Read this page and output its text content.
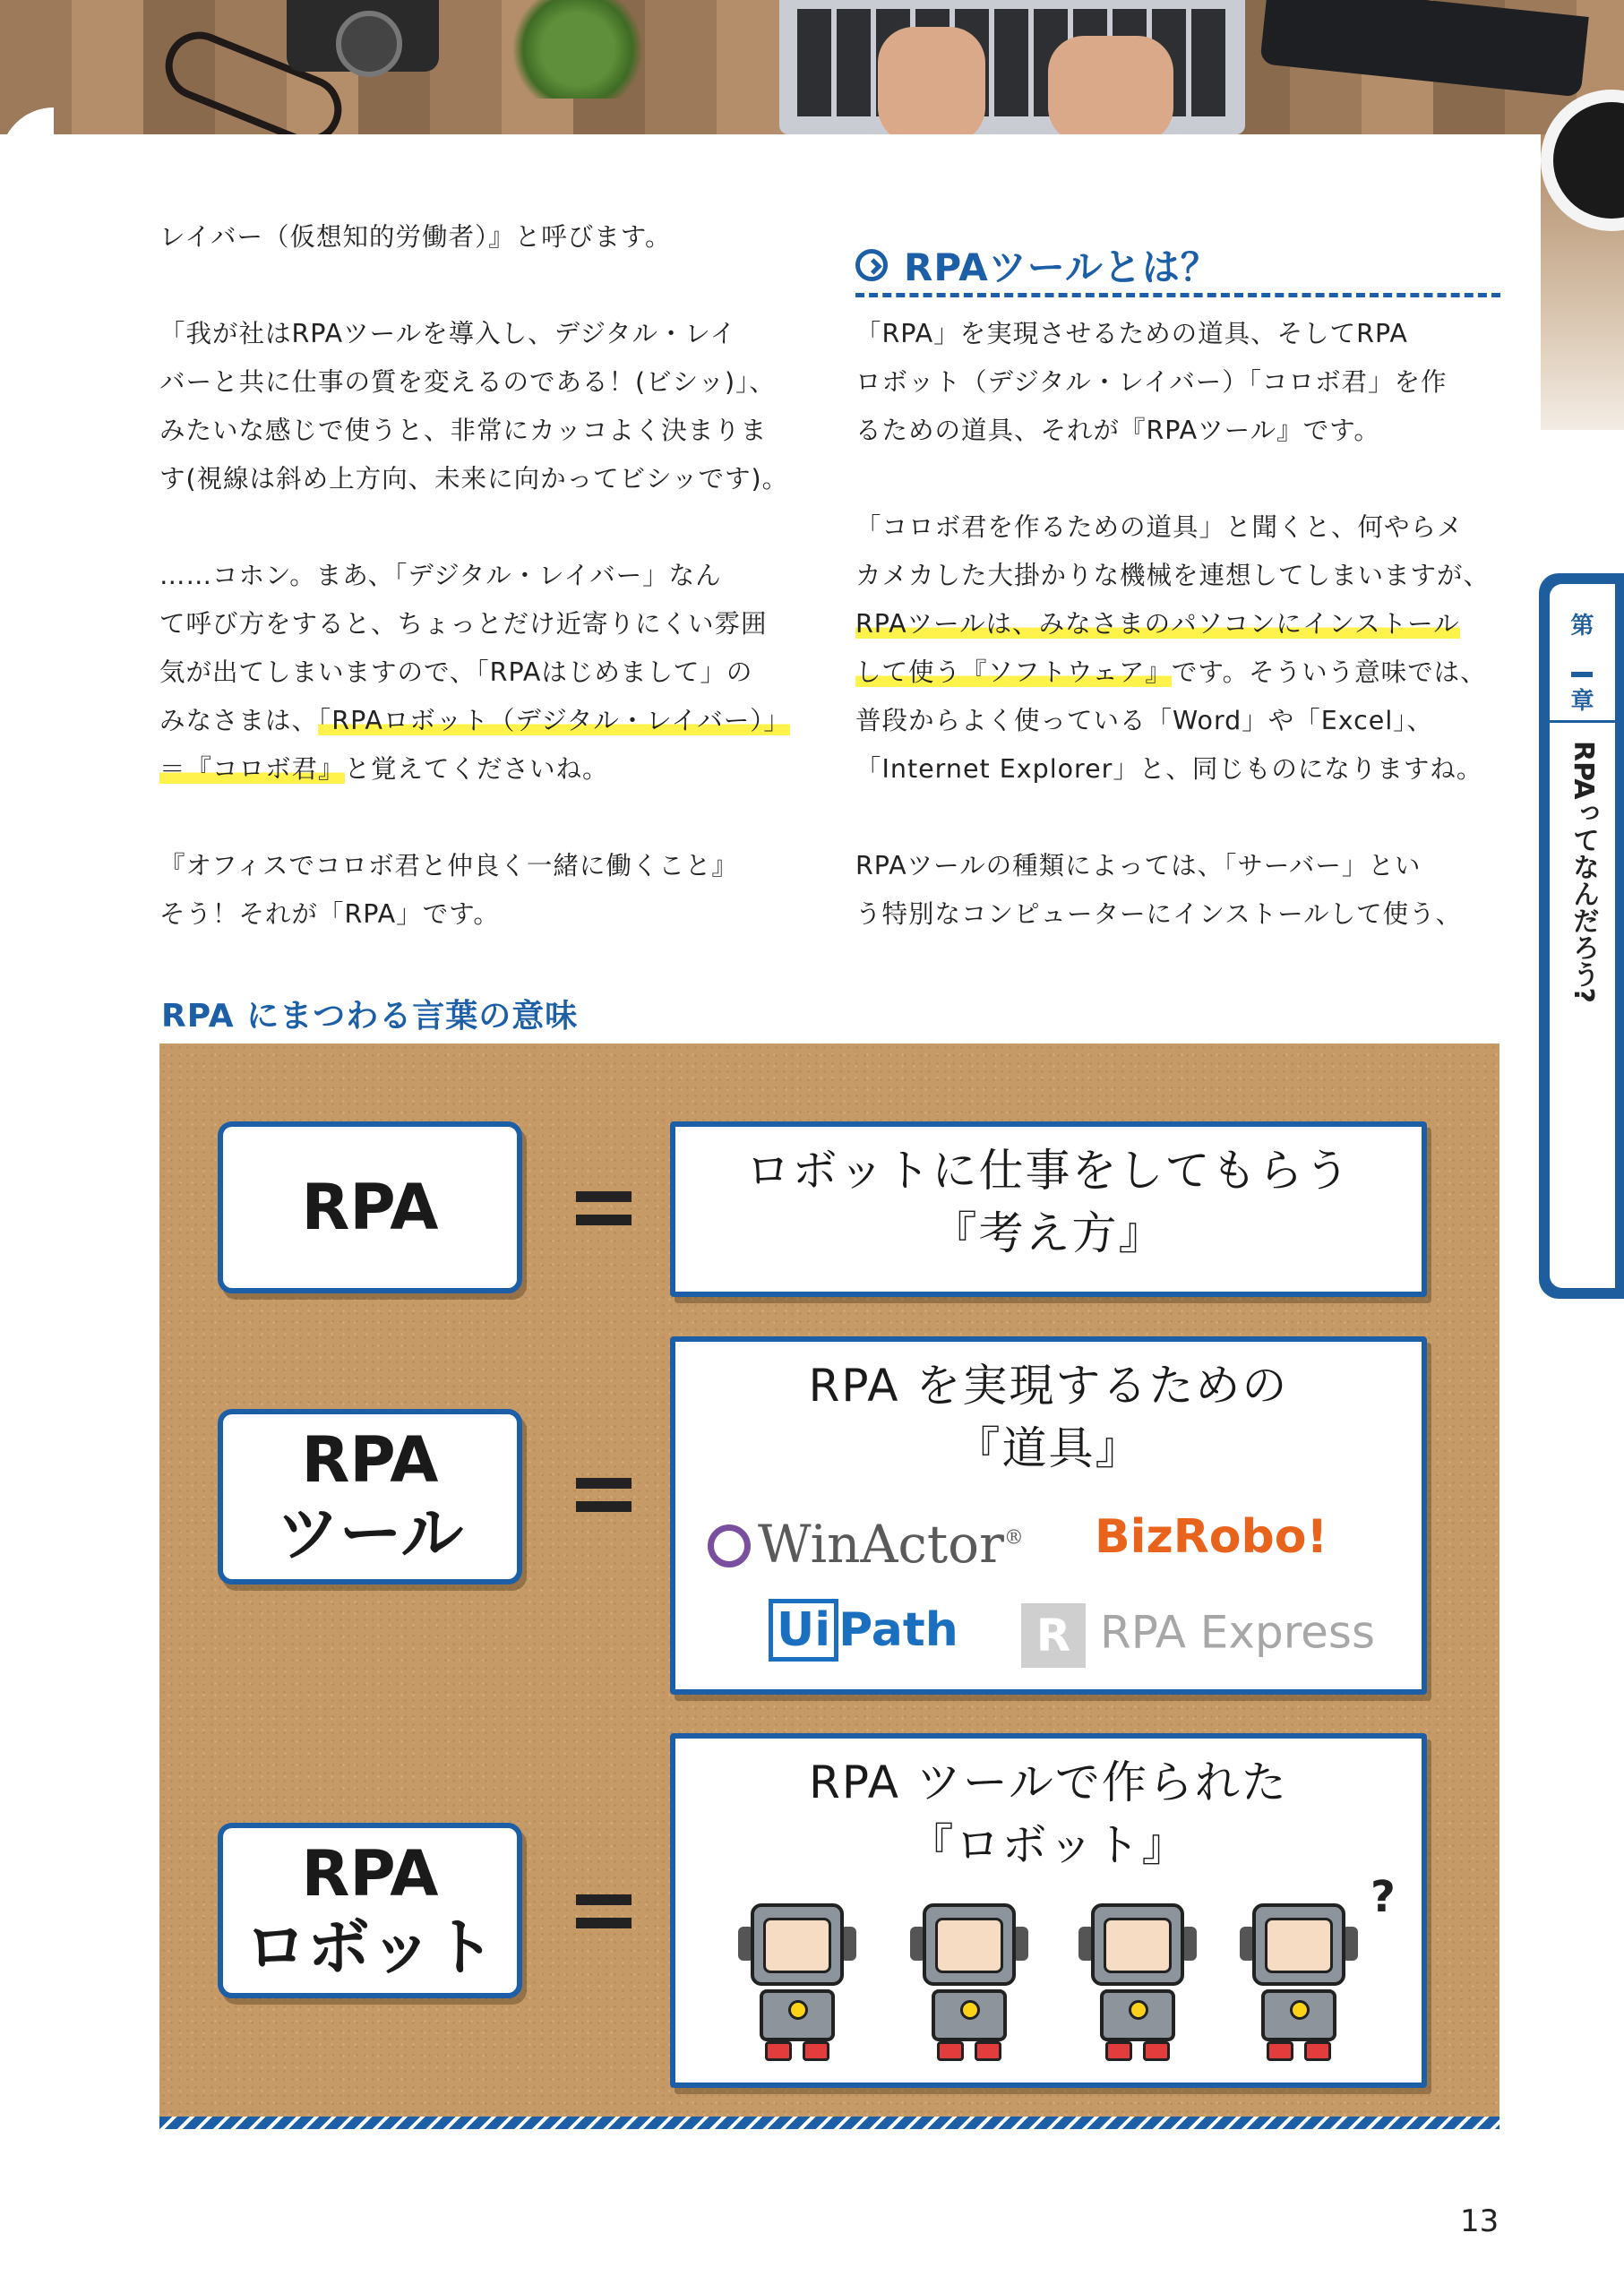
レイバー（仮想知的労働者）』と呼びます。

「我が社はRPAツールを導入し、デジタル・レイ

バーと共に仕事の質を変えるのである！(ビシッ)」、

みたいな感じで使うと、非常にカッコよく決まりま

す(視線は斜め上方向、未来に向かってビシッです)。

……コホン。まあ、「デジタル・レイバー」なん

て呼び方をすると、ちょっとだけ近寄りにくい雰囲

気が出てしまいますので、「RPAはじめまして」の

みなさまは、「RPAロボット（デジタル・レイバー）」

＝『コロボ君』と覚えてくださいね。

『オフィスでコロボ君と仲良く一緒に働くこと』

そう！それが「RPA」です。

RPAツールとは？

「RPA」を実現させるための道具、そしてRPA

ロボット（デジタル・レイバー）「コロボ君」を作

るための道具、それが『RPAツール』です。

「コロボ君を作るための道具」と聞くと、何やらメ

カメカした大掛かりな機械を連想してしまいますが、

RPAツールは、みなさまのパソコンにインストール

して使う『ソフトウェア』です。そういう意味では、

普段からよく使っている「Word」や「Excel」、

「Internet Explorer」と、同じものになりますね。

RPAツールの種類によっては、「サーバー」とい

う特別なコンピューターにインストールして使う、

第
章
RPAってなんだろう?
RPA にまつわる言葉の意味
RPA	ロボットに仕事をしてもらう
『考え方』
RPA
ツール
RPA を実現するための
『道具』
WinActor® BizRobo!
Ui Path	R RPA Express
RPA
ロボット
RPA ツールで作られた
『ロボット』
?
13
